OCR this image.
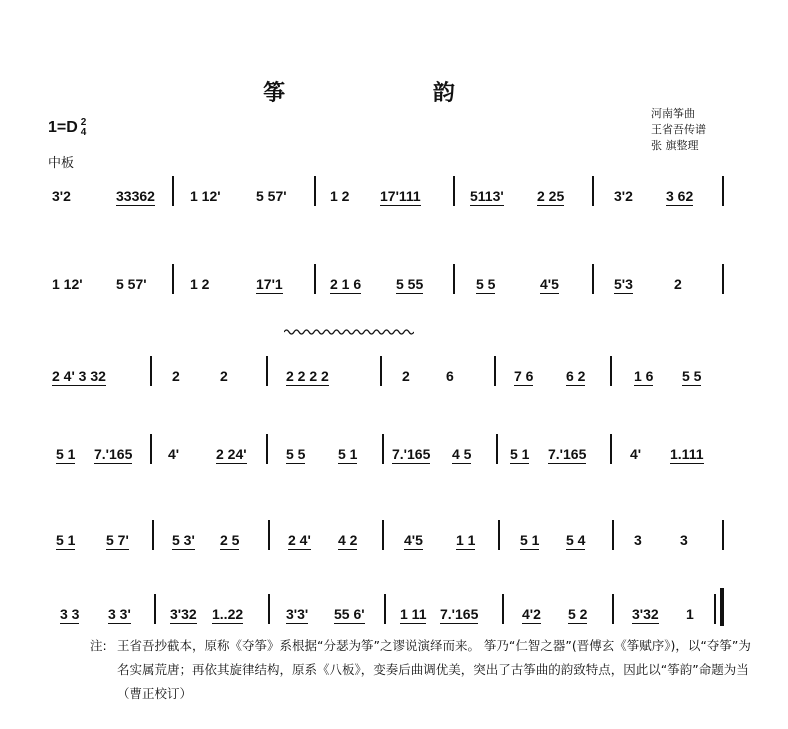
筝 韵
河南筝曲
王省吾传谱
张 旗整理
1=D 2
4
中板
3'2	33362	1 12'	5 57'	1 2 17'111	5113' 2 25	3'2 3 62
1 12' 5 57'	1 2	17'1	2 1 6 5 55	5 5	4'5	5'3	2
2 4' 3 32	2	2	2 2 2 2	2	6	7 6 6 2	1 6 5 5
5 1 7.'165	4'	2 24'	5 5 5 1 7.'165 4 5	5 1 7.'165	4' 1.111
5 1 5 7'	5 3' 2 5	2 4' 4 2	4'5 1 1	5 1 5 4	3	3
3 3 3 3'	3'32 1..22	3'3' 55 6'	1 11 7.'165	4'2 5 2	3'32 1
注: 王省吾抄截本，原称《夺筝》系根据“分瑟为筝”之谬说演绎而来。 筝乃“仁智之器”(晋傅玄《筝赋序》)，以“夺筝”为名实属荒唐；再依其旋律结构，原系《八板》，变奏后曲调优美，突出了古筝曲的韵致特点，因此以“筝韵”命题为当 （曹正校订）
